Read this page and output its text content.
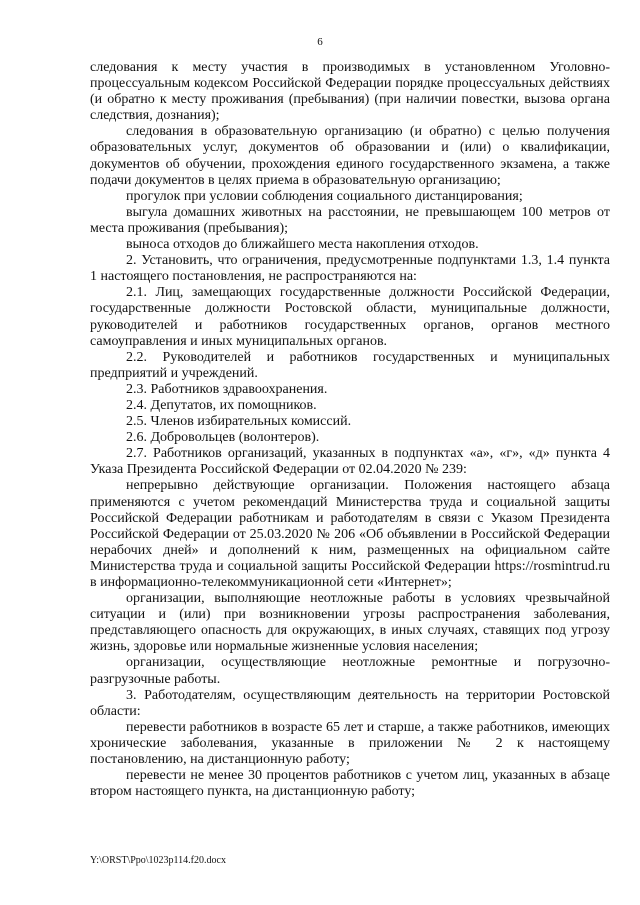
6

следования к месту участия в производимых в установленном Уголовно-процессуальным кодексом Российской Федерации порядке процессуальных действиях (и обратно к месту проживания (пребывания) (при наличии повестки, вызова органа следствия, дознания);

следования в образовательную организацию (и обратно) с целью получения образовательных услуг, документов об образовании и (или) о квалификации, документов об обучении, прохождения единого государственного экзамена, а также подачи документов в целях приема в образовательную организацию;

прогулок при условии соблюдения социального дистанцирования;

выгула домашних животных на расстоянии, не превышающем 100 метров от места проживания (пребывания);

выноса отходов до ближайшего места накопления отходов.

2. Установить, что ограничения, предусмотренные подпунктами 1.3, 1.4 пункта 1 настоящего постановления, не распространяются на:

2.1. Лиц, замещающих государственные должности Российской Федерации, государственные должности Ростовской области, муниципальные должности, руководителей и работников государственных органов, органов местного самоуправления и иных муниципальных органов.

2.2. Руководителей и работников государственных и муниципальных предприятий и учреждений.

2.3. Работников здравоохранения.

2.4. Депутатов, их помощников.

2.5. Членов избирательных комиссий.

2.6. Добровольцев (волонтеров).

2.7. Работников организаций, указанных в подпунктах «а», «г», «д» пункта 4 Указа Президента Российской Федерации от 02.04.2020 № 239:

непрерывно действующие организации. Положения настоящего абзаца применяются с учетом рекомендаций Министерства труда и социальной защиты Российской Федерации работникам и работодателям в связи с Указом Президента Российской Федерации от 25.03.2020 № 206 «Об объявлении в Российской Федерации нерабочих дней» и дополнений к ним, размещенных на официальном сайте Министерства труда и социальной защиты Российской Федерации https://rosmintrud.ru в информационно-телекоммуникационной сети «Интернет»;

организации, выполняющие неотложные работы в условиях чрезвычайной ситуации и (или) при возникновении угрозы распространения заболевания, представляющего опасность для окружающих, в иных случаях, ставящих под угрозу жизнь, здоровье или нормальные жизненные условия населения;

организации, осуществляющие неотложные ремонтные и погрузочно-разгрузочные работы.

3. Работодателям, осуществляющим деятельность на территории Ростовской области:

перевести работников в возрасте 65 лет и старше, а также работников, имеющих хронические заболевания, указанные в приложении № 2 к настоящему постановлению, на дистанционную работу;

перевести не менее 30 процентов работников с учетом лиц, указанных в абзаце втором настоящего пункта, на дистанционную работу;

Y:\ORST\Ppo\1023p114.f20.docx
